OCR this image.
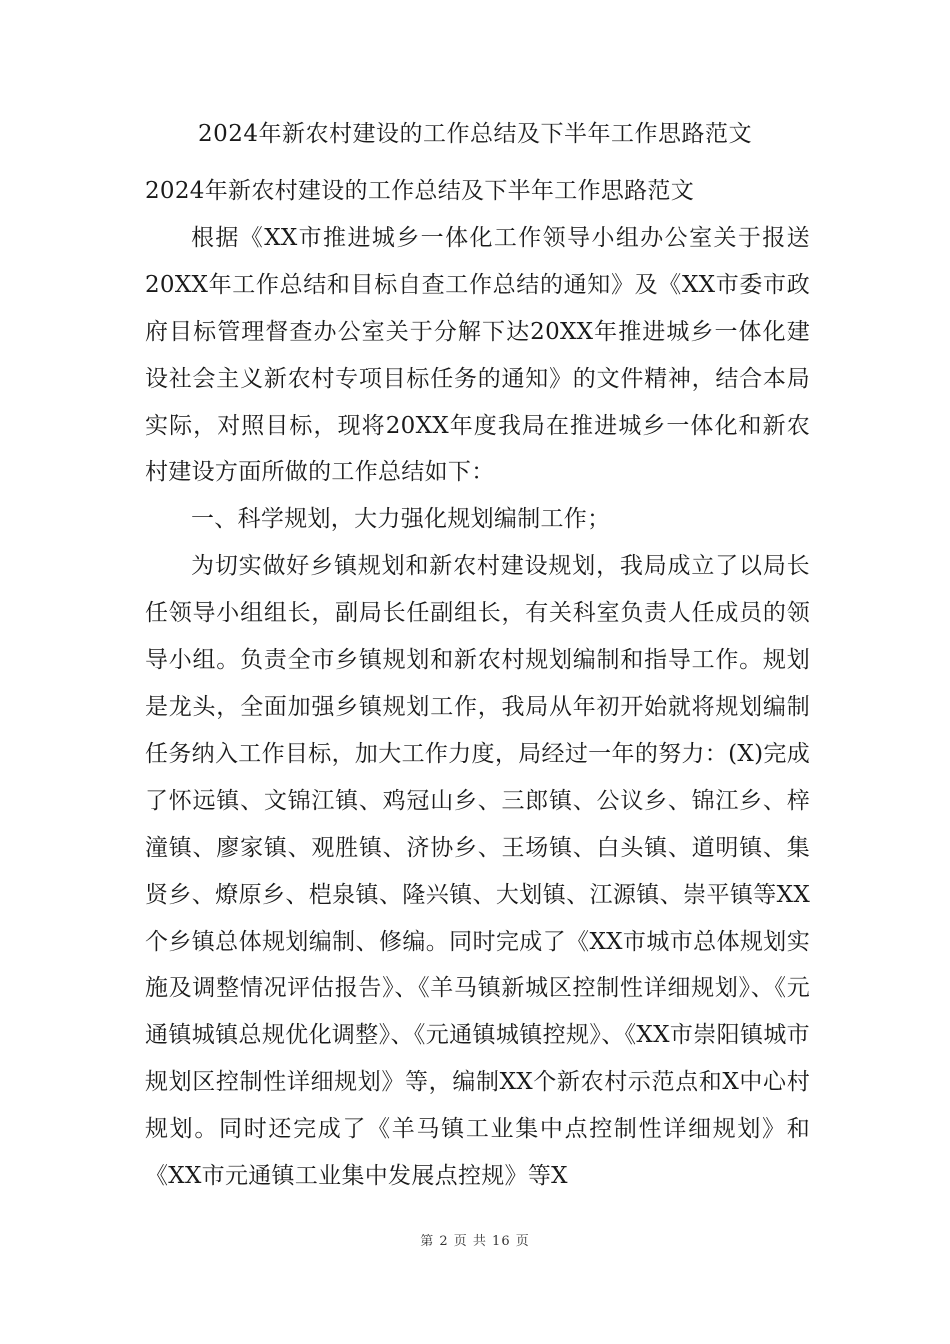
2024年新农村建设的工作总结及下半年工作思路范文

2024年新农村建设的工作总结及下半年工作思路范文

根据《XX市推进城乡一体化工作领导小组办公室关于报送20XX年工作总结和目标自查工作总结的通知》及《XX市委市政府目标管理督查办公室关于分解下达20XX年推进城乡一体化建设社会主义新农村专项目标任务的通知》的文件精神，结合本局实际，对照目标，现将20XX年度我局在推进城乡一体化和新农村建设方面所做的工作总结如下：

一、科学规划，大力强化规划编制工作；

为切实做好乡镇规划和新农村建设规划，我局成立了以局长任领导小组组长，副局长任副组长，有关科室负责人任成员的领导小组。负责全市乡镇规划和新农村规划编制和指导工作。规划是龙头，全面加强乡镇规划工作，我局从年初开始就将规划编制任务纳入工作目标，加大工作力度，局经过一年的努力：(X)完成了怀远镇、文锦江镇、鸡冠山乡、三郎镇、公议乡、锦江乡、梓潼镇、廖家镇、观胜镇、济协乡、王场镇、白头镇、道明镇、集贤乡、燎原乡、桤泉镇、隆兴镇、大划镇、江源镇、崇平镇等XX个乡镇总体规划编制、修编。同时完成了《XX市城市总体规划实施及调整情况评估报告》、《羊马镇新城区控制性详细规划》、《元通镇城镇总规优化调整》、《元通镇城镇控规》、《XX市崇阳镇城市规划区控制性详细规划》等，编制XX个新农村示范点和X中心村规划。同时还完成了《羊马镇工业集中点控制性详细规划》和《XX市元通镇工业集中发展点控规》等X

第 2 页 共 16 页
